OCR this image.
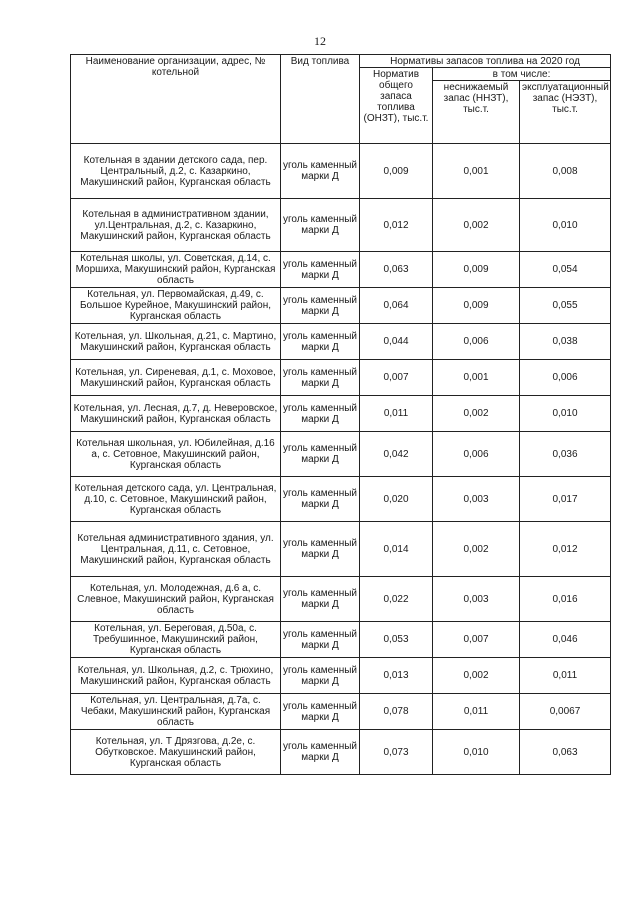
12
Наименование организации, адрес, № котельной	Вид топлива	Нормативы запасов топлива на 2020 год		
		Норматив общего запаса топлива (ОНЗТ), тыс.т.	в том числе:	
			неснижаемый запас (ННЗТ), тыс.т.	эксплуатационный запас (НЭЗТ), тыс.т.
Котельная в здании детского сада, пер. Центральный, д.2, с. Казаркино, Макушинский район, Курганская область	уголь каменный марки Д	0,009	0,001	0,008
Котельная в административном здании, ул.Центральная, д.2, с. Казаркино, Макушинский район, Курганская область	уголь каменный марки Д	0,012	0,002	0,010
Котельная школы, ул. Советская, д.14, с. Моршиха, Макушинский район, Курганская область	уголь каменный марки Д	0,063	0,009	0,054
Котельная, ул. Первомайская, д.49, с. Большое Курейное, Макушинский район, Курганская область	уголь каменный марки Д	0,064	0,009	0,055
Котельная, ул. Школьная, д.21, с. Мартино, Макушинский район, Курганская область	уголь каменный марки Д	0,044	0,006	0,038
Котельная, ул. Сиреневая, д.1, с. Моховое, Макушинский район, Курганская область	уголь каменный марки Д	0,007	0,001	0,006
Котельная, ул. Лесная, д.7, д. Неверовское, Макушинский район, Курганская область	уголь каменный марки Д	0,011	0,002	0,010
Котельная школьная, ул. Юбилейная, д.16 а, с. Сетовное, Макушинский район, Курганская область	уголь каменный марки Д	0,042	0,006	0,036
Котельная детского сада, ул. Центральная, д.10, с. Сетовное, Макушинский район, Курганская область	уголь каменный марки Д	0,020	0,003	0,017
Котельная административного здания, ул. Центральная, д.11, с. Сетовное, Макушинский район, Курганская область	уголь каменный марки Д	0,014	0,002	0,012
Котельная, ул. Молодежная, д.6 а, с. Слевное, Макушинский район, Курганская область	уголь каменный марки Д	0,022	0,003	0,016
Котельная, ул. Береговая, д.50а, с. Требушинное, Макушинский район, Курганская область	уголь каменный марки Д	0,053	0,007	0,046
Котельная, ул. Школьная, д.2, с. Трюхино, Макушинский район, Курганская область	уголь каменный марки Д	0,013	0,002	0,011
Котельная, ул. Центральная, д.7а, с. Чебаки, Макушинский район, Курганская область	уголь каменный марки Д	0,078	0,011	0,0067
Котельная, ул. Т Дрязгова, д.2е, с. Обутковское. Макушинский район, Курганская область	уголь каменный марки Д	0,073	0,010	0,063
